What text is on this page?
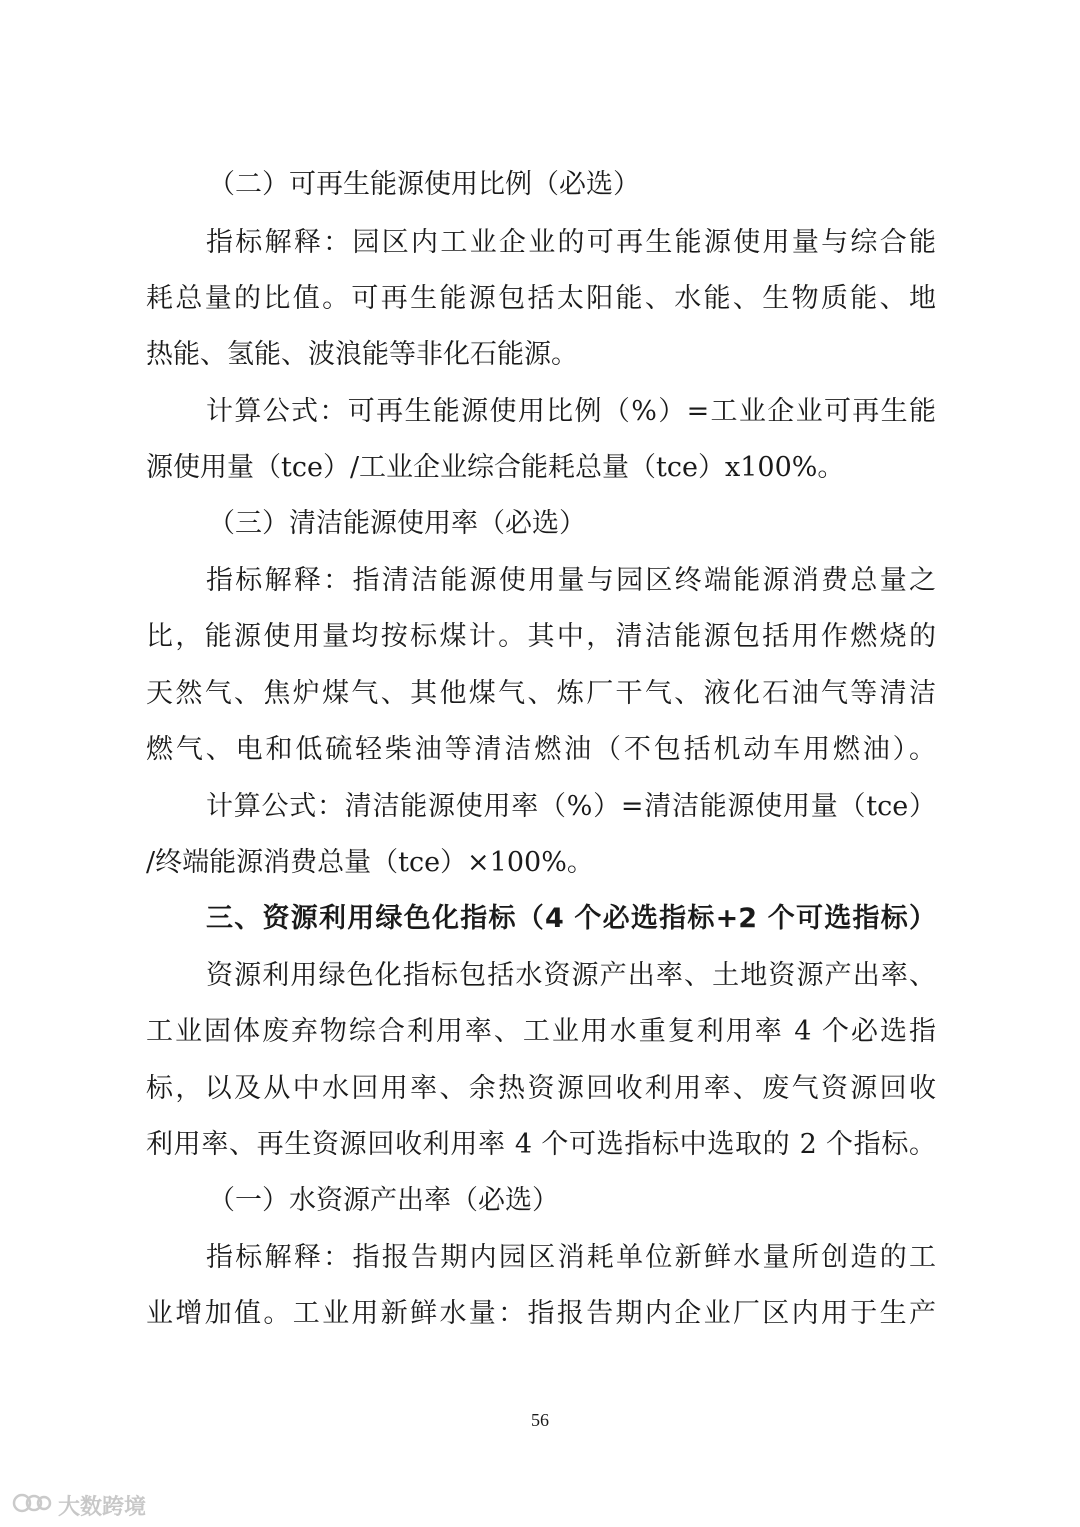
（二）可再生能源使用比例（必选）
指标解释：园区内工业企业的可再生能源使用量与综合能
耗总量的比值。可再生能源包括太阳能、水能、生物质能、地
热能、氢能、波浪能等非化石能源。
计算公式：可再生能源使用比例（%）=工业企业可再生能
源使用量（tce）/工业企业综合能耗总量（tce）x100%。
（三）清洁能源使用率（必选）
指标解释：指清洁能源使用量与园区终端能源消费总量之
比，能源使用量均按标煤计。其中，清洁能源包括用作燃烧的
天然气、焦炉煤气、其他煤气、炼厂干气、液化石油气等清洁
燃气、电和低硫轻柴油等清洁燃油（不包括机动车用燃油）。
计算公式：清洁能源使用率（%）=清洁能源使用量（tce）
/终端能源消费总量（tce）×100%。
三、资源利用绿色化指标（4 个必选指标+2 个可选指标）
资源利用绿色化指标包括水资源产出率、土地资源产出率、
工业固体废弃物综合利用率、工业用水重复利用率 4 个必选指
标，以及从中水回用率、余热资源回收利用率、废气资源回收
利用率、再生资源回收利用率 4 个可选指标中选取的 2 个指标。
（一）水资源产出率（必选）
指标解释：指报告期内园区消耗单位新鲜水量所创造的工
业增加值。工业用新鲜水量：指报告期内企业厂区内用于生产
56
大数跨境
